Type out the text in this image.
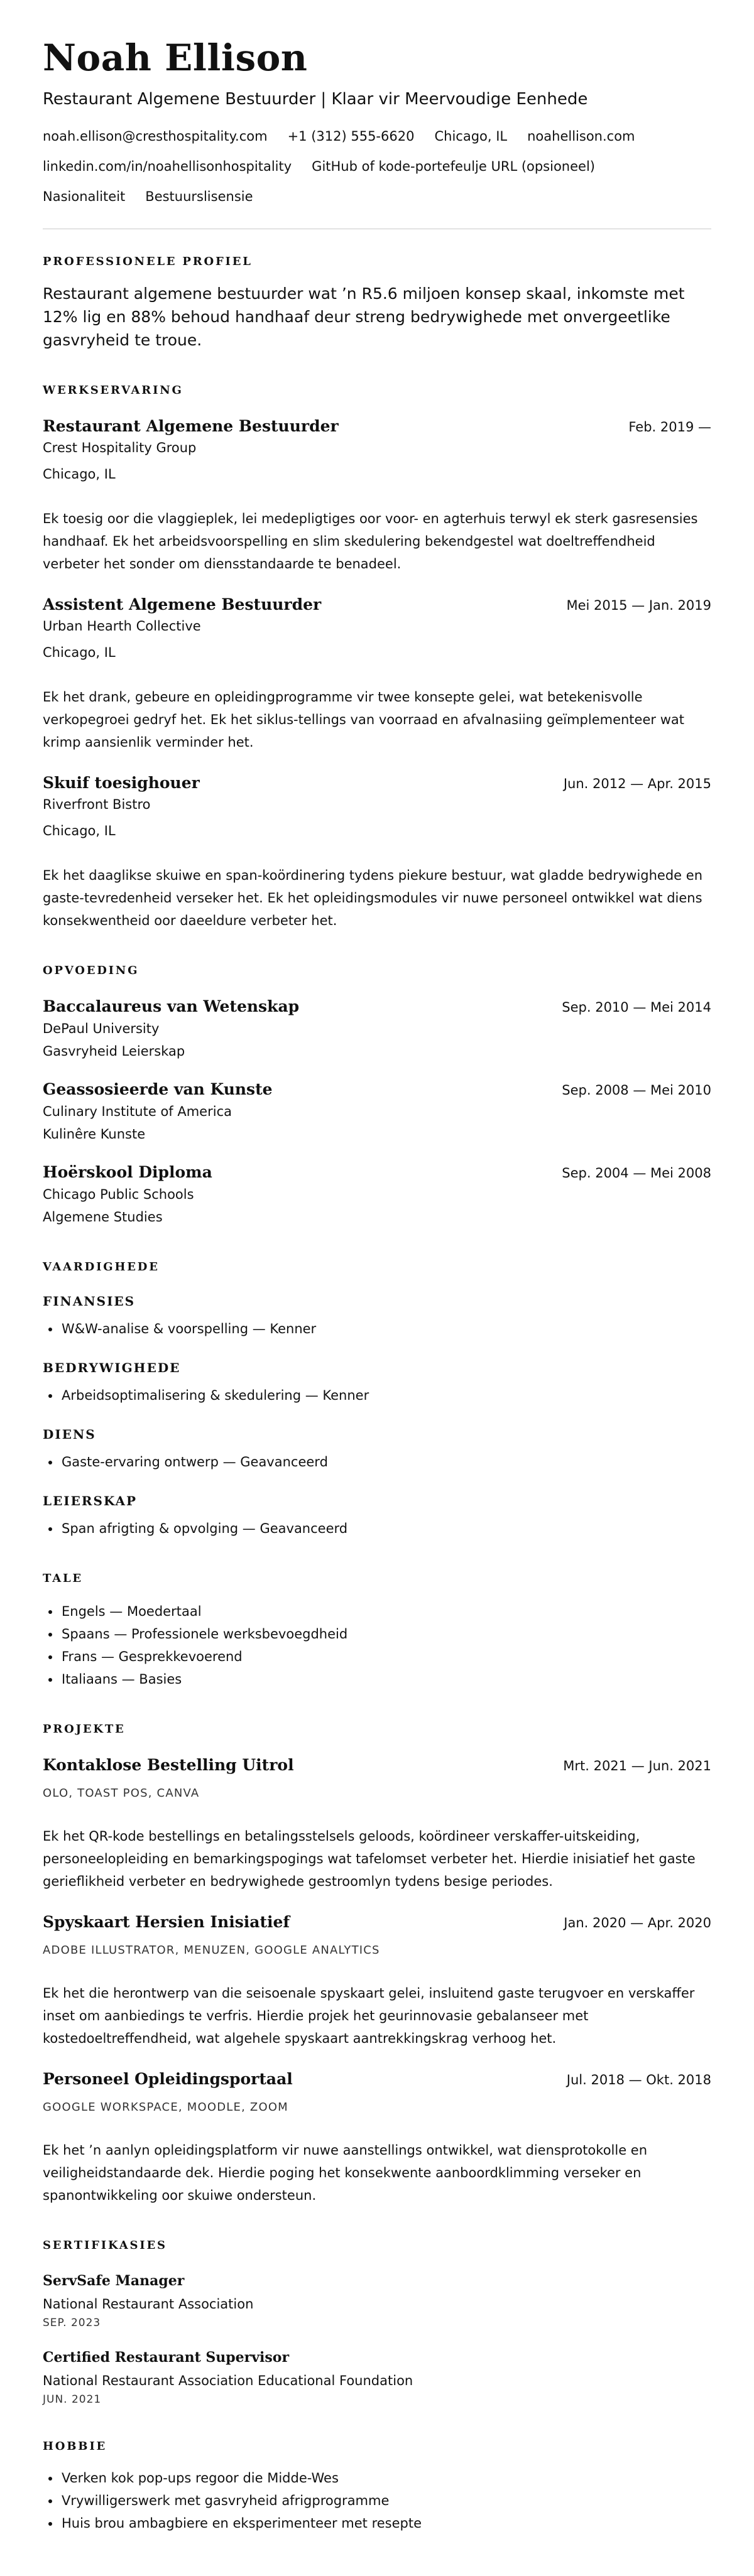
Noah Ellison
Restaurant Algemene Bestuurder | Klaar vir Meervoudige Eenhede
noah.ellison@cresthospitality.com +1 (312) 555-6620 Chicago, IL noahellison.com
linkedin.com/in/noahellisonhospitality GitHub of kode-portefeulje URL (opsioneel)
Nasionaliteit Bestuurslisensie
PROFESSIONELE PROFIEL
Restaurant algemene bestuurder wat ’n R5.6 miljoen konsep skaal, inkomste met 12% lig en 88% behoud handhaaf deur streng bedrywighede met onvergeetlike gasvryheid te troue.
WERKSERVARING
Restaurant Algemene Bestuurder	Feb. 2019 —
Crest Hospitality Group
Chicago, IL
Ek toesig oor die vlaggieplek, lei medepligtiges oor voor- en agterhuis terwyl ek sterk gasresensies handhaaf. Ek het arbeidsvoorspelling en slim skedulering bekendgestel wat doeltreffendheid verbeter het sonder om diensstandaarde te benadeel.
Assistent Algemene Bestuurder	Mei 2015 — Jan. 2019
Urban Hearth Collective
Chicago, IL
Ek het drank, gebeure en opleidingprogramme vir twee konsepte gelei, wat betekenisvolle verkopegroei gedryf het. Ek het siklus-tellings van voorraad en afvalnasiing geïmplementeer wat krimp aansienlik verminder het.
Skuif toesighouer	Jun. 2012 — Apr. 2015
Riverfront Bistro
Chicago, IL
Ek het daaglikse skuiwe en span-koördinering tydens piekure bestuur, wat gladde bedrywighede en gaste-tevredenheid verseker het. Ek het opleidingsmodules vir nuwe personeel ontwikkel wat diens konsekwentheid oor daeeldure verbeter het.
OPVOEDING
Baccalaureus van Wetenskap	Sep. 2010 — Mei 2014
DePaul University
Gasvryheid Leierskap
Geassosieerde van Kunste	Sep. 2008 — Mei 2010
Culinary Institute of America
Kulinêre Kunste
Hoërskool Diploma	Sep. 2004 — Mei 2008
Chicago Public Schools
Algemene Studies
VAARDIGHEDE
FINANSIES
• W&W-analise & voorspelling — Kenner
BEDRYWIGHEDE
• Arbeidsoptimalisering & skedulering — Kenner
DIENS
• Gaste-ervaring ontwerp — Geavanceerd
LEIERSKAP
• Span afrigting & opvolging — Geavanceerd
TALE
• Engels — Moedertaal
• Spaans — Professionele werksbevoegdheid
• Frans — Gesprekkevoerend
• Italiaans — Basies
PROJEKTE
Kontaklose Bestelling Uitrol	Mrt. 2021 — Jun. 2021
OLO, TOAST POS, CANVA
Ek het QR-kode bestellings en betalingsstelsels geloods, koördineer verskaffer-uitskeiding, personeelopleiding en bemarkingspogings wat tafelomset verbeter het. Hierdie inisiatief het gaste gerieflikheid verbeter en bedrywighede gestroomlyn tydens besige periodes.
Spyskaart Hersien Inisiatief	Jan. 2020 — Apr. 2020
ADOBE ILLUSTRATOR, MENUZEN, GOOGLE ANALYTICS
Ek het die herontwerp van die seisoenale spyskaart gelei, insluitend gaste terugvoer en verskaffer inset om aanbiedings te verfris. Hierdie projek het geurinnovasie gebalanseer met kostedoeltreffendheid, wat algehele spyskaart aantrekkingskrag verhoog het.
Personeel Opleidingsportaal	Jul. 2018 — Okt. 2018
GOOGLE WORKSPACE, MOODLE, ZOOM
Ek het ’n aanlyn opleidingsplatform vir nuwe aanstellings ontwikkel, wat diensprotokolle en veiligheidstandaarde dek. Hierdie poging het konsekwente aanboordklimming verseker en spanontwikkeling oor skuiwe ondersteun.
SERTIFIKASIES
ServSafe Manager
National Restaurant Association
SEP. 2023
Certified Restaurant Supervisor
National Restaurant Association Educational Foundation
JUN. 2021
HOBBIE
• Verken kok pop-ups regoor die Midde-Wes
• Vrywilligerswerk met gasvryheid afrigprogramme
• Huis brou ambagbiere en eksperimenteer met resepte
